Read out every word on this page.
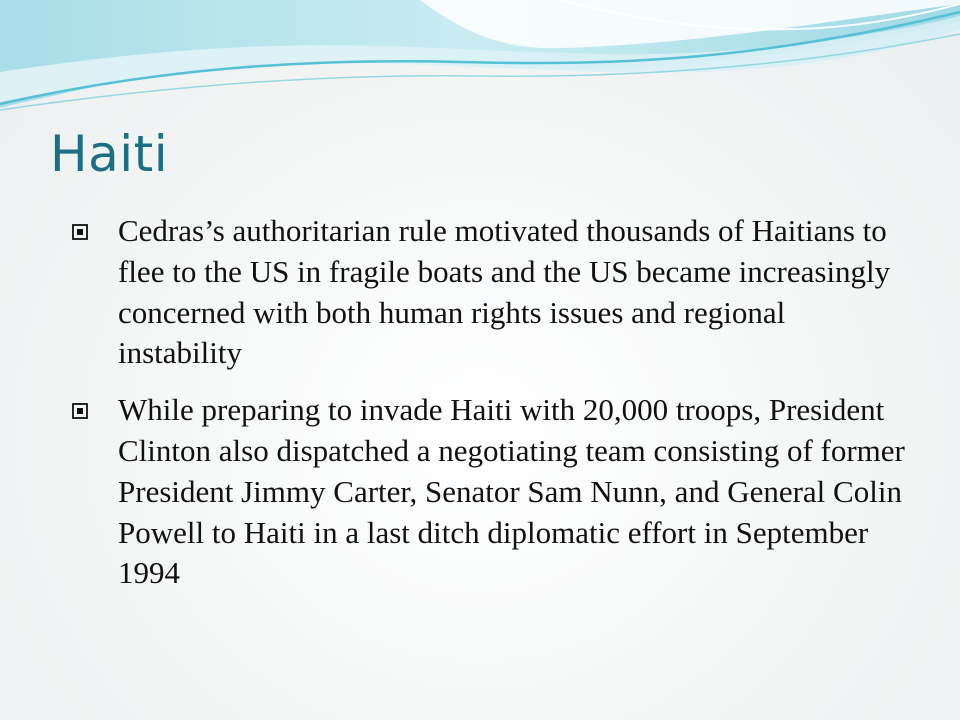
Haiti
Cedras’s authoritarian rule motivated thousands of Haitians to flee to the US in fragile boats and the US became increasingly concerned with both human rights issues and regional instability
While preparing to invade Haiti with 20,000 troops, President Clinton also dispatched a negotiating team consisting of former President Jimmy Carter, Senator Sam Nunn, and General Colin Powell to Haiti in a last ditch diplomatic effort in September 1994
